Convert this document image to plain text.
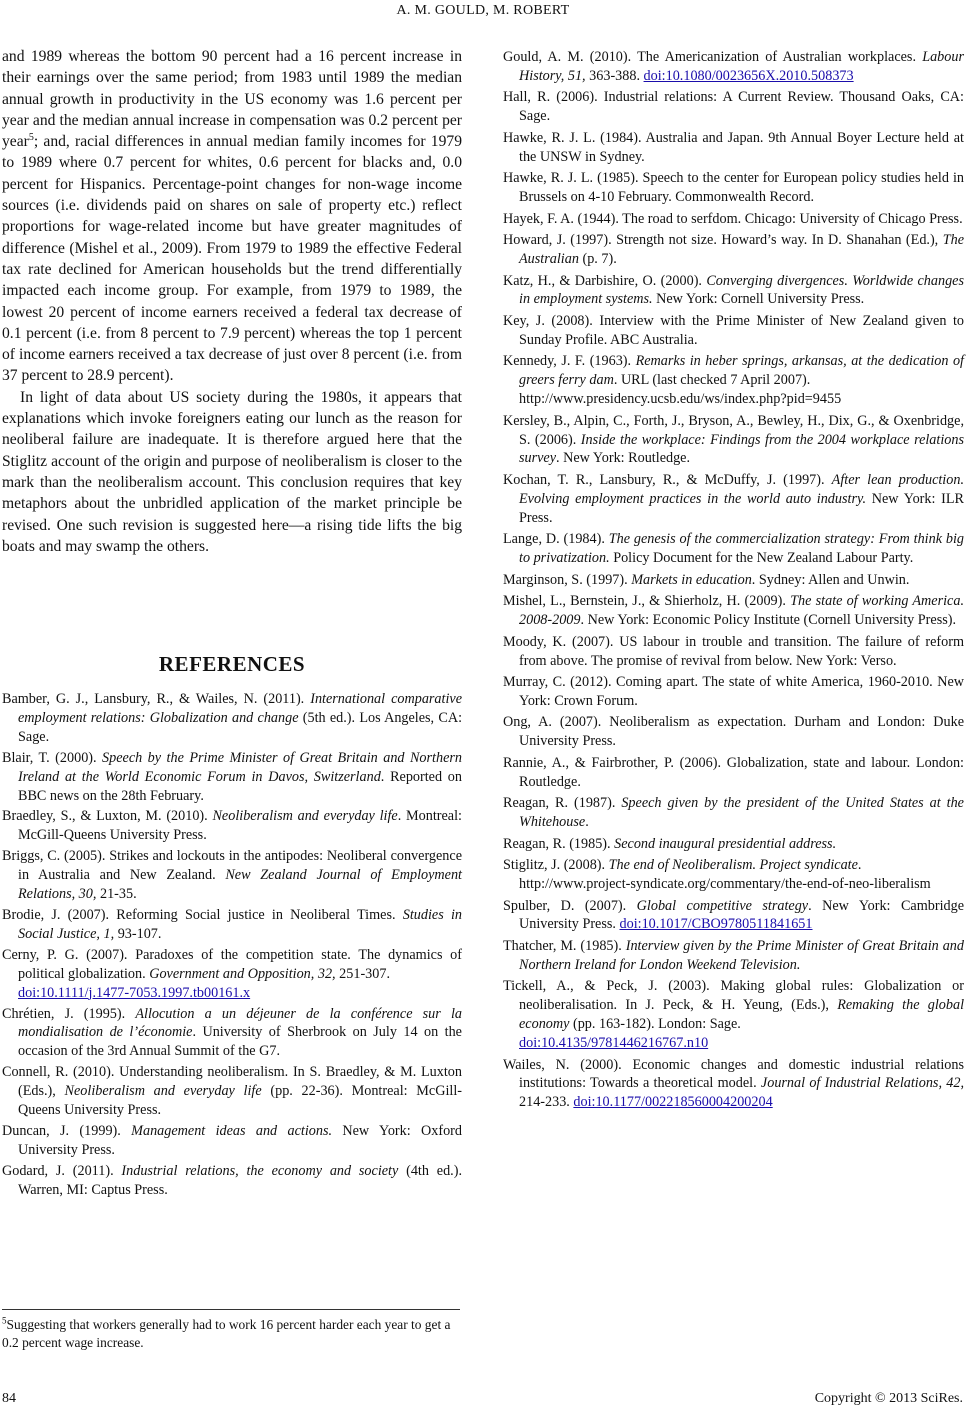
A. M. GOULD, M. ROBERT

and 1989 whereas the bottom 90 percent had a 16 percent increase in their earnings over the same period; from 1983 until 1989 the median annual growth in productivity in the US economy was 1.6 percent per year and the median annual increase in compensation was 0.2 percent per year$^5$; and, racial differences in annual median family incomes for 1979 to 1989 where 0.7 percent for whites, 0.6 percent for blacks and, 0.0 percent for Hispanics. Percentage-point changes for non-wage income sources (i.e. dividends paid on shares on sale of property etc.) reflect proportions for wage-related income but have greater magnitudes of difference (Mishel et al., 2009). From 1979 to 1989 the effective Federal tax rate declined for American households but the trend differentially impacted each income group. For example, from 1979 to 1989, the lowest 20 percent of income earners received a federal tax decrease of 0.1 percent (i.e. from 8 percent to 7.9 percent) whereas the top 1 percent of income earners received a tax decrease of just over 8 percent (i.e. from 37 percent to 28.9 percent).

In light of data about US society during the 1980s, it appears that explanations which invoke foreigners eating our lunch as the reason for neoliberal failure are inadequate. It is therefore argued here that the Stiglitz account of the origin and purpose of neoliberalism is closer to the mark than the neoliberalism account. This conclusion requires that key metaphors about the unbridled application of the market principle be revised. One such revision is suggested here—a rising tide lifts the big boats and may swamp the others.

REFERENCES

Bamber, G. J., Lansbury, R., & Wailes, N. (2011). International comparative employment relations: Globalization and change (5th ed.). Los Angeles, CA: Sage.

Blair, T. (2000). Speech by the Prime Minister of Great Britain and Northern Ireland at the World Economic Forum in Davos, Switzerland. Reported on BBC news on the 28th February.

Braedley, S., & Luxton, M. (2010). Neoliberalism and everyday life. Montreal: McGill-Queens University Press.

Briggs, C. (2005). Strikes and lockouts in the antipodes: Neoliberal convergence in Australia and New Zealand. New Zealand Journal of Employment Relations, 30, 21-35.

Brodie, J. (2007). Reforming Social justice in Neoliberal Times. Studies in Social Justice, 1, 93-107.

Cerny, P. G. (2007). Paradoxes of the competition state. The dynamics of political globalization. Government and Opposition, 32, 251-307.
doi:10.1111/j.1477-7053.1997.tb00161.x

Chrétien, J. (1995). Allocution a un déjeuner de la conférence sur la mondialisation de l’économie. University of Sherbrook on July 14 on the occasion of the 3rd Annual Summit of the G7.

Connell, R. (2010). Understanding neoliberalism. In S. Braedley, & M. Luxton (Eds.), Neoliberalism and everyday life (pp. 22-36). Montreal: McGill-Queens University Press.

Duncan, J. (1999). Management ideas and actions. New York: Oxford University Press.

Godard, J. (2011). Industrial relations, the economy and society (4th ed.). Warren, MI: Captus Press.

Gould, A. M. (2010). The Americanization of Australian workplaces. Labour History, 51, 363-388. doi:10.1080/0023656X.2010.508373

Hall, R. (2006). Industrial relations: A Current Review. Thousand Oaks, CA: Sage.

Hawke, R. J. L. (1984). Australia and Japan. 9th Annual Boyer Lecture held at the UNSW in Sydney.

Hawke, R. J. L. (1985). Speech to the center for European policy studies held in Brussels on 4-10 February. Commonwealth Record.

Hayek, F. A. (1944). The road to serfdom. Chicago: University of Chicago Press.

Howard, J. (1997). Strength not size. Howard’s way. In D. Shanahan (Ed.), The Australian (p. 7).

Katz, H., & Darbishire, O. (2000). Converging divergences. Worldwide changes in employment systems. New York: Cornell University Press.

Key, J. (2008). Interview with the Prime Minister of New Zealand given to Sunday Profile. ABC Australia.

Kennedy, J. F. (1963). Remarks in heber springs, arkansas, at the dedication of greers ferry dam. URL (last checked 7 April 2007).
http://www.presidency.ucsb.edu/ws/index.php?pid=9455

Kersley, B., Alpin, C., Forth, J., Bryson, A., Bewley, H., Dix, G., & Oxenbridge, S. (2006). Inside the workplace: Findings from the 2004 workplace relations survey. New York: Routledge.

Kochan, T. R., Lansbury, R., & McDuffy, J. (1997). After lean production. Evolving employment practices in the world auto industry. New York: ILR Press.

Lange, D. (1984). The genesis of the commercialization strategy: From think big to privatization. Policy Document for the New Zealand Labour Party.

Marginson, S. (1997). Markets in education. Sydney: Allen and Unwin.

Mishel, L., Bernstein, J., & Shierholz, H. (2009). The state of working America. 2008-2009. New York: Economic Policy Institute (Cornell University Press).

Moody, K. (2007). US labour in trouble and transition. The failure of reform from above. The promise of revival from below. New York: Verso.

Murray, C. (2012). Coming apart. The state of white America, 1960-2010. New York: Crown Forum.

Ong, A. (2007). Neoliberalism as expectation. Durham and London: Duke University Press.

Rannie, A., & Fairbrother, P. (2006). Globalization, state and labour. London: Routledge.

Reagan, R. (1987). Speech given by the president of the United States at the Whitehouse.

Reagan, R. (1985). Second inaugural presidential address.

Stiglitz, J. (2008). The end of Neoliberalism. Project syndicate.
http://www.project-syndicate.org/commentary/the-end-of-neo-liberalism

Spulber, D. (2007). Global competitive strategy. New York: Cambridge University Press. doi:10.1017/CBO9780511841651

Thatcher, M. (1985). Interview given by the Prime Minister of Great Britain and Northern Ireland for London Weekend Television.

Tickell, A., & Peck, J. (2003). Making global rules: Globalization or neoliberalisation. In J. Peck, & H. Yeung, (Eds.), Remaking the global economy (pp. 163-182). London: Sage.
doi:10.4135/9781446216767.n10

Wailes, N. (2000). Economic changes and domestic industrial relations institutions: Towards a theoretical model. Journal of Industrial Relations, 42, 214-233. doi:10.1177/002218560004200204

$^5$Suggesting that workers generally had to work 16 percent harder each year to get a 0.2 percent wage increase.
84	Copyright © 2013 SciRes.
